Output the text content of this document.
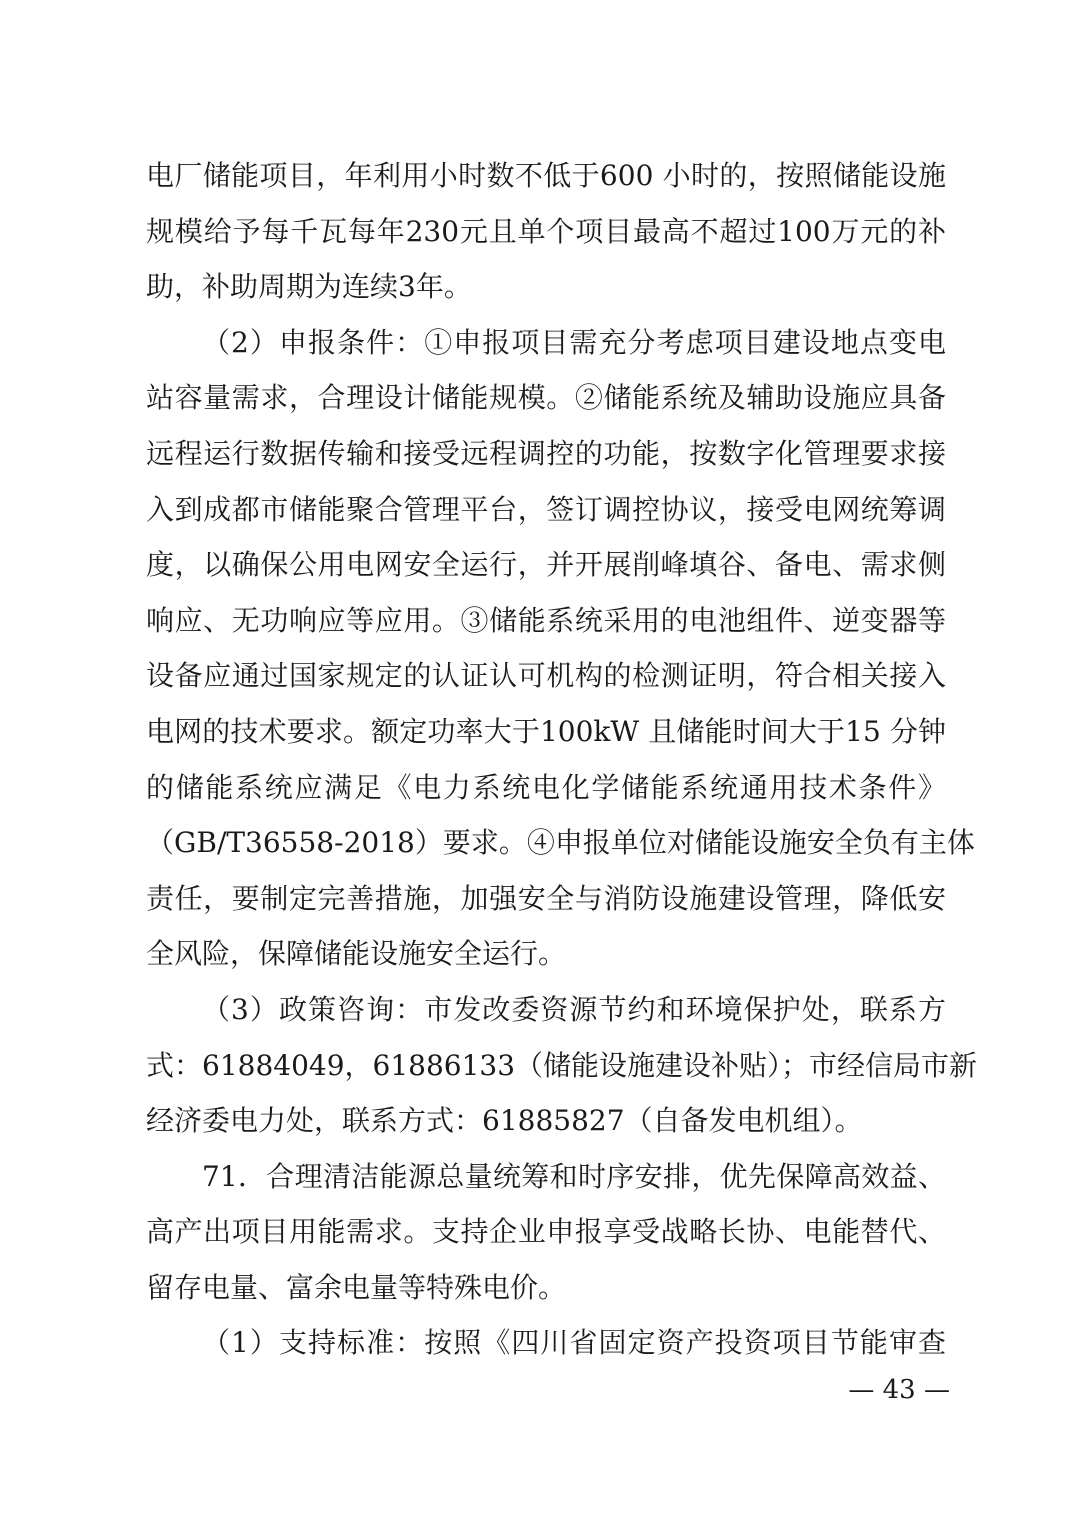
电厂储能项目，年利用小时数不低于600 小时的，按照储能设施
规模给予每千瓦每年230元且单个项目最高不超过100万元的补
助，补助周期为连续3年。
（2）申报条件：①申报项目需充分考虑项目建设地点变电
站容量需求，合理设计储能规模。②储能系统及辅助设施应具备
远程运行数据传输和接受远程调控的功能，按数字化管理要求接
入到成都市储能聚合管理平台，签订调控协议，接受电网统筹调
度，以确保公用电网安全运行，并开展削峰填谷、备电、需求侧
响应、无功响应等应用。③储能系统采用的电池组件、逆变器等
设备应通过国家规定的认证认可机构的检测证明，符合相关接入
电网的技术要求。额定功率大于100kW 且储能时间大于15 分钟
的储能系统应满足《电力系统电化学储能系统通用技术条件》
（GB/T36558-2018）要求。④申报单位对储能设施安全负有主体
责任，要制定完善措施，加强安全与消防设施建设管理，降低安
全风险，保障储能设施安全运行。
（3）政策咨询：市发改委资源节约和环境保护处，联系方
式：61884049，61886133（储能设施建设补贴）；市经信局市新
经济委电力处，联系方式：61885827（自备发电机组）。
71．合理清洁能源总量统筹和时序安排，优先保障高效益、
高产出项目用能需求。支持企业申报享受战略长协、电能替代、
留存电量、富余电量等特殊电价。
（1）支持标准：按照《四川省固定资产投资项目节能审查
— 43 —
